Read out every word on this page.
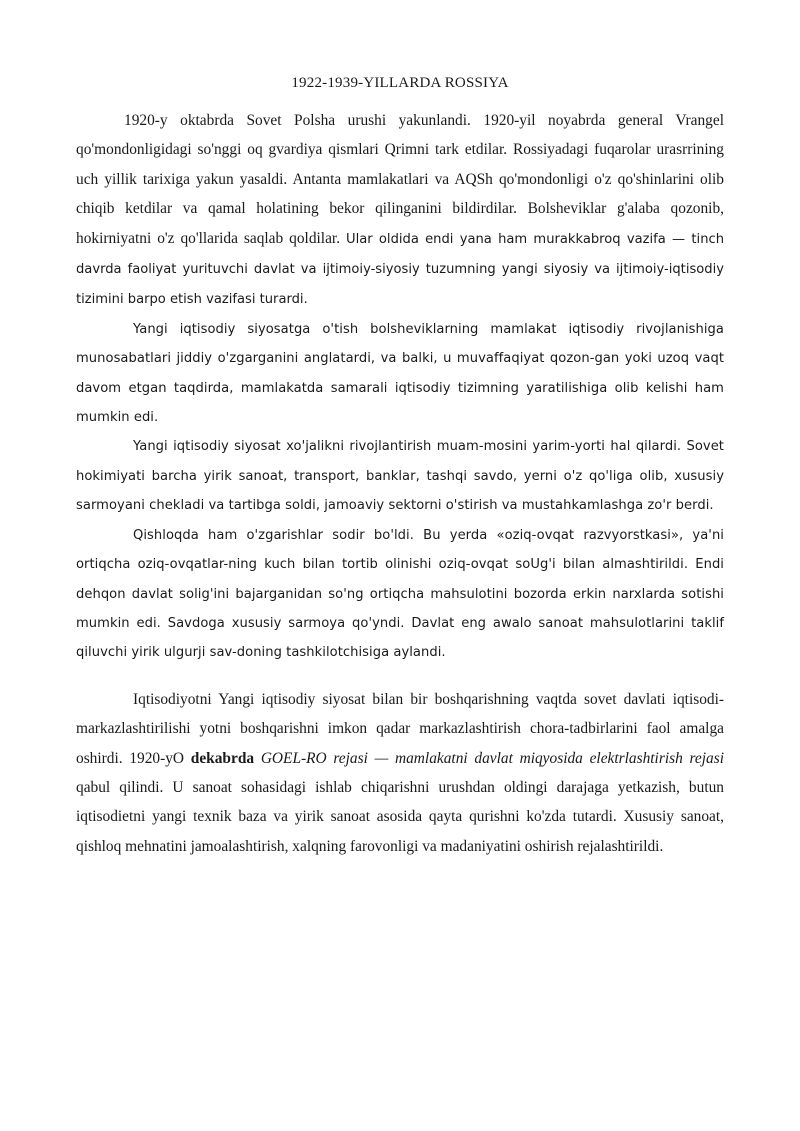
1922-1939-YILLARDA ROSSIYA

1920-y oktabrda Sovet Polsha urushi yakunlandi. 1920-yil noyabrda general Vrangel qo'mondonligidagi so'nggi oq gvardiya qismlari Qrimni tark etdilar. Rossiyadagi fuqarolar urasrrining uch yillik tarixiga yakun yasaldi. Antanta mamlakatlari va AQSh qo'mondonligi o'z qo'shinlarini olib chiqib ketdilar va qamal holatining bekor qilinganini bildirdilar. Bolsheviklar g'alaba qozonib, hokirniyatni o'z qo'llarida saqlab qoldilar. Ular oldida endi yana ham murakkabroq vazifa — tinch davrda faoliyat yurituvchi davlat va ijtimoiy-siyosiy tuzumning yangi siyosiy va ijtimoiy-iqtisodiy tizimini barpo etish vazifasi turardi.

Yangi iqtisodiy siyosatga o'tish bolsheviklarning mamlakat iqtisodiy rivojlanishiga munosabatlari jiddiy o'zgarganini anglatardi, va balki, u muvaffaqiyat qozon-gan yoki uzoq vaqt davom etgan taqdirda, mamlakatda samarali iqtisodiy tizimning yaratilishiga olib kelishi ham mumkin edi.

Yangi iqtisodiy siyosat xo'jalikni rivojlantirish muam-mosini yarim-yorti hal qilardi. Sovet hokimiyati barcha yirik sanoat, transport, banklar, tashqi savdo, yerni o'z qo'liga olib, xususiy sarmoyani chekladi va tartibga soldi, jamoaviy sektorni o'stirish va mustahkamlashga zo'r berdi.

Qishloqda ham o'zgarishlar sodir bo'ldi. Bu yerda «oziq-ovqat razvyorstkasi», ya'ni ortiqcha oziq-ovqatlar-ning kuch bilan tortib olinishi oziq-ovqat soUg'i bilan almashtirildi. Endi dehqon davlat solig'ini bajarganidan so'ng ortiqcha mahsulotini bozorda erkin narxlarda sotishi mumkin edi. Savdoga xususiy sarmoya qo'yndi. Davlat eng awalo sanoat mahsulotlarini taklif qiluvchi yirik ulgurji sav-doning tashkilotchisiga aylandi.

Iqtisodiyotni Yangi iqtisodiy siyosat bilan bir boshqarishning vaqtda sovet davlati iqtisodi-markazlashtirilishi yotni boshqarishni imkon qadar markazlashtirish chora-tadbirlarini faol amalga oshirdi. 1920-yO dekabrda GOEL-RO rejasi — mamlakatni davlat miqyosida elektrlashtirish rejasi qabul qilindi. U sanoat sohasidagi ishlab chiqarishni urushdan oldingi darajaga yetkazish, butun iqtisodietni yangi texnik baza va yirik sanoat asosida qayta qurishni ko'zda tutardi. Xususiy sanoat, qishloq mehnatini jamoalashtirish, xalqning farovonligi va madaniyatini oshirish rejalashtirildi.
